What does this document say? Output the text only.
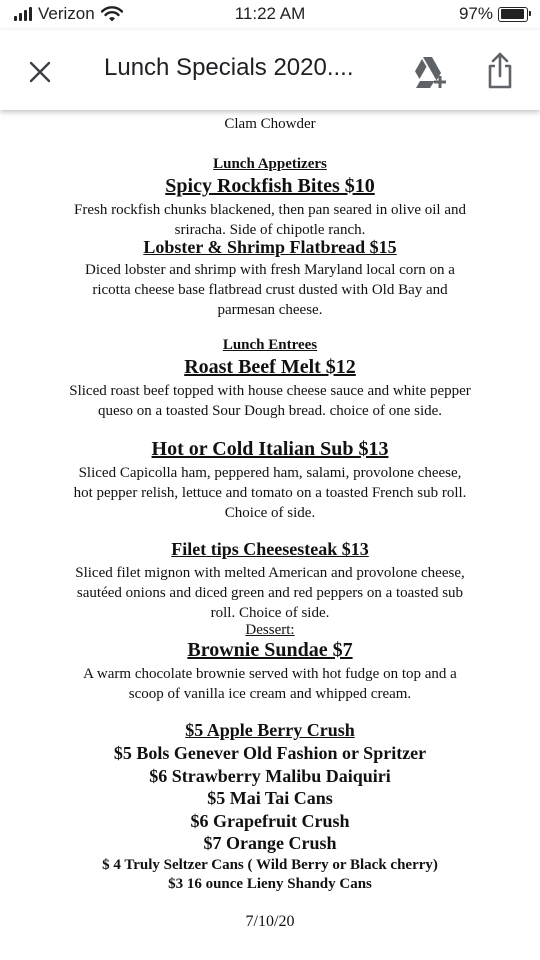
Verizon	11:22 AM	97%
Lunch Specials 2020....
Clam Chowder
Lunch Appetizers
Spicy Rockfish Bites $10
Fresh rockfish chunks blackened, then pan seared in olive oil and
sriracha. Side of chipotle ranch.
Lobster & Shrimp Flatbread $15
Diced lobster and shrimp with fresh Maryland local corn on a
ricotta cheese base flatbread crust dusted with Old Bay and
parmesan cheese.
Lunch Entrees
Roast Beef Melt $12
Sliced roast beef topped with house cheese sauce and white pepper
queso on a toasted Sour Dough bread. choice of one side.
Hot or Cold Italian Sub $13
Sliced Capicolla ham, peppered ham, salami, provolone cheese,
hot pepper relish, lettuce and tomato on a toasted French sub roll.
Choice of side.
Filet tips Cheesesteak $13
Sliced filet mignon with melted American and provolone cheese,
sautéed onions and diced green and red peppers on a toasted sub
roll. Choice of side.
Dessert:
Brownie Sundae $7
A warm chocolate brownie served with hot fudge on top and a
scoop of vanilla ice cream and whipped cream.
$5 Apple Berry Crush
$5 Bols Genever Old Fashion or Spritzer
$6 Strawberry Malibu Daiquiri
$5 Mai Tai Cans
$6 Grapefruit Crush
$7 Orange Crush
$ 4 Truly Seltzer Cans ( Wild Berry or Black cherry)
$3 16 ounce Lieny Shandy Cans
7/10/20
